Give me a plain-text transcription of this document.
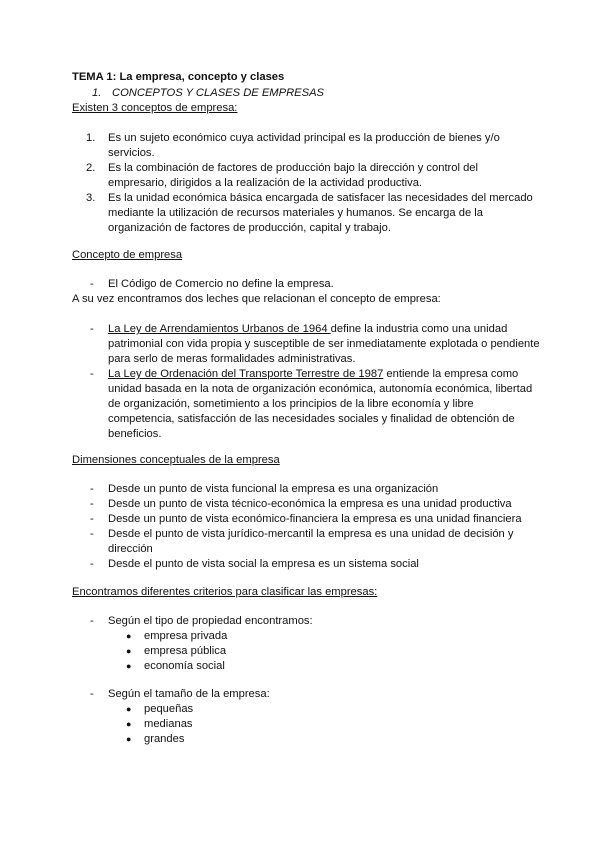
TEMA 1: La empresa, concepto y clases
1. CONCEPTOS Y CLASES DE EMPRESAS
Existen 3 conceptos de empresa:
1. Es un sujeto económico cuya actividad principal es la producción de bienes y/o servicios.
2. Es la combinación de factores de producción bajo la dirección y control del empresario, dirigidos a la realización de la actividad productiva.
3. Es la unidad económica básica encargada de satisfacer las necesidades del mercado mediante la utilización de recursos materiales y humanos. Se encarga de la organización de factores de producción, capital y trabajo.
Concepto de empresa
- El Código de Comercio no define la empresa.
A su vez encontramos dos leches que relacionan el concepto de empresa:
- La Ley de Arrendamientos Urbanos de 1964 define la industria como una unidad patrimonial con vida propia y susceptible de ser inmediatamente explotada o pendiente para serlo de meras formalidades administrativas.
- La Ley de Ordenación del Transporte Terrestre de 1987 entiende la empresa como unidad basada en la nota de organización económica, autonomía económica, libertad de organización, sometimiento a los principios de la libre economía y libre competencia, satisfacción de las necesidades sociales y finalidad de obtención de beneficios.
Dimensiones conceptuales de la empresa
- Desde un punto de vista funcional la empresa es una organización
- Desde un punto de vista técnico-económica la empresa es una unidad productiva
- Desde un punto de vista económico-financiera la empresa es una unidad financiera
- Desde el punto de vista jurídico-mercantil la empresa es una unidad de decisión y dirección
- Desde el punto de vista social la empresa es un sistema social
Encontramos diferentes criterios para clasificar las empresas:
- Según el tipo de propiedad encontramos:
● empresa privada
● empresa pública
● economía social
- Según el tamaño de la empresa:
● pequeñas
● medianas
● grandes
